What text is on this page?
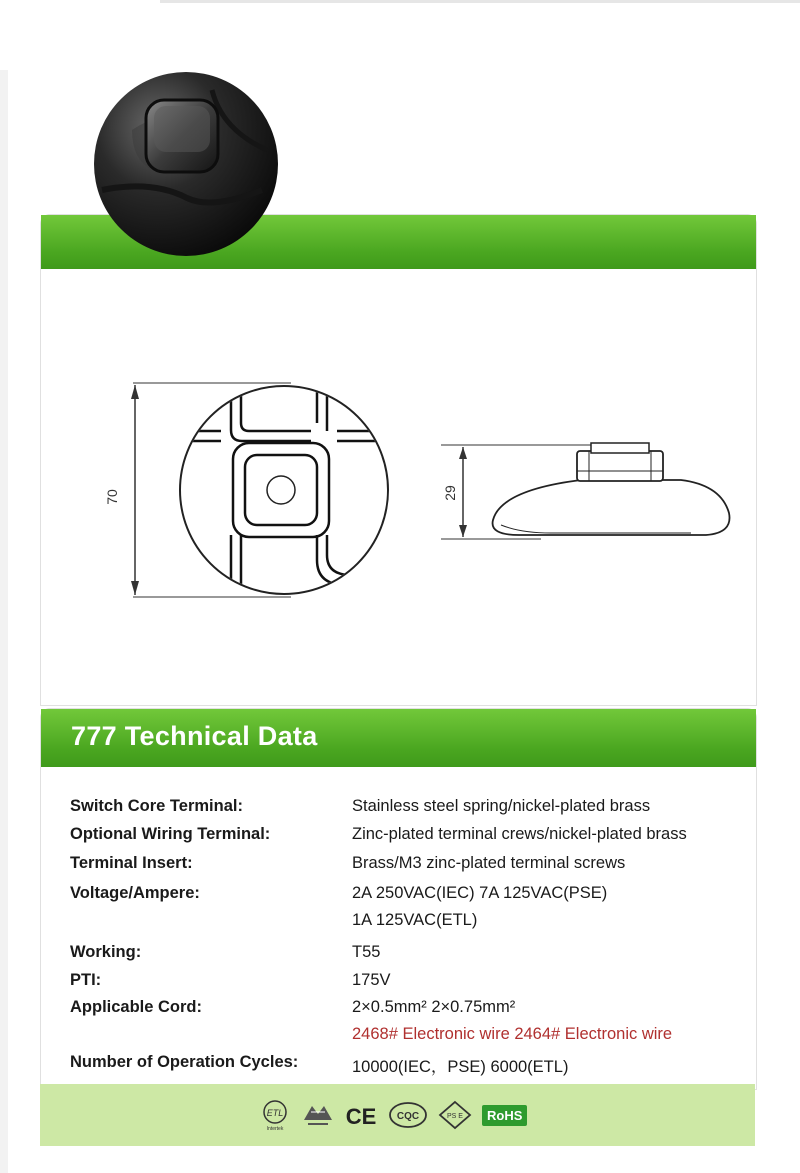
70	29
777 Technical Data
Switch Core Terminal:	Stainless steel spring/nickel-plated brass
Optional Wiring Terminal:	Zinc-plated terminal crews/nickel-plated brass
Terminal Insert:	Brass/M3 zinc-plated terminal screws
Voltage/Ampere:	2A 250VAC(IEC) 7A 125VAC(PSE)
1A 125VAC(ETL)
Working:	T55
PTI:	175V
Applicable Cord:	2×0.5mm² 2×0.75mm²
2468# Electronic wire 2464# Electronic wire
Number of Operation Cycles:	10000(IEC，PSE) 6000(ETL)
ETL
Intertek	CE CQC	PS E	RoHS
